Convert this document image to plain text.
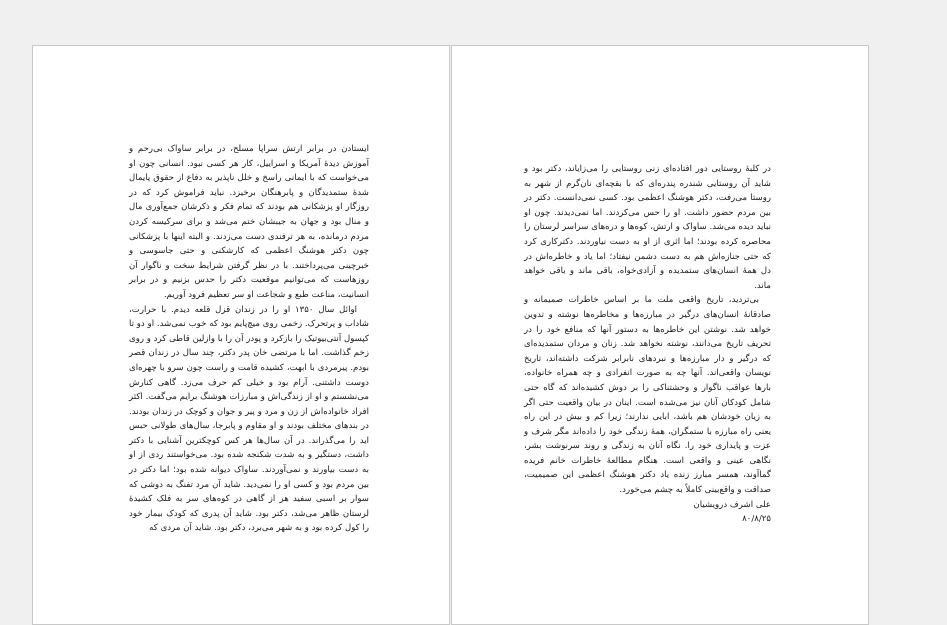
ایستادن در برابر ارتش سراپا مسلح، در برابر ساواک بی‌رحم و آموزش دیدهٔ آمریکا و اسراییل، کار هر کسی نبود. انسانی چون او می‌خواست که با ایمانی راسخ و خلل ناپذیر به دفاع از حقوق پایمال شدهٔ ستمدیدگان و پابرهنگان برخیزد. نباید فراموش کرد که در روزگار او پزشکانی هم بودند که تمام فکر و ذکرشان جمع‌آوری مال و منال بود و جهان به جیبشان ختم می‌شد و برای سرکیسه کردن مردم درمانده، به هر ترفندی دست می‌زدند. و البته اینها با پزشکانی چون دکتر هوشنگ اعظمی که کارشکنی و حتی جاسوسی و خبرچینی می‌پرداختند. با در نظر گرفتن شرایط سخت و ناگوار آن روزهاست که می‌توانیم موقعیت دکتر را حدس بزنیم و در برابر انسانیت، مناعت طبع و شجاعت او سر تعظیم فرود آوریم.

اوائل سال ۱۳۵۰ او را در زندان قزل قلعه دیدم. با حرارت، شاداب و پرتحرک. زخمی روی میچ‌پایم بود که خوب نمی‌شد. او دو تا کپسول آنتی‌بیوتیک را بازکرد و پودر آن را با وازلین قاطی کرد و روی زخم گذاشت. اما با مرتضی خان پدر دکتر، چند سال در زندان قصر بودم. پیرمردی با ابهت، کشیده قامت و راست چون سرو با چهره‌ای دوست داشتنی. آرام بود و خیلی کم حرف می‌زد. گاهی کنارش می‌نشستم و او از زندگی‌اش و مبارزات هوشنگ برایم می‌گفت. اکثر افراد خانواده‌اش از زن و مرد و پیر و جوان و کوچک در زندان بودند. در بندهای مختلف بودند و او مقاوم و پابرجا، سال‌های طولانی حبس اید را می‌گذراند. در آن سال‌ها هر کس کوچکترین آشنایی با دکتر داشت، دستگیر و به شدت شکنجه شده بود. می‌خواستند ردی از او به دست بیاورند و نمی‌آوردند. ساواک دیوانه شده بود؛ اما دکتر در بین مردم بود و کسی او را نمی‌دید. شاید آن مرد تفنگ به دوشی که سوار بر اسبی سفید هر از گاهی در کوه‌های سر به فلک کشیدهٔ لرستان ظاهر می‌شد، دکتر بود. شاید آن پدری که کودک بیمار خود را کول کرده بود و به شهر می‌برد، دکتر بود. شاید آن مردی که

در کلبهٔ روستایی دور افتاده‌ای زنی روستایی را می‌زایاند، دکتر بود و شاید آن روستایی شندره پندره‌ای که با بقچه‌ای نان‌گرم از شهر به روستا می‌رفت، دکتر هوشنگ اعظمی بود. کسی نمی‌دانست. دکتر در بین مردم حضور داشت. او را حس می‌کردند. اما نمی‌دیدند. چون او نباید دیده می‌شد. ساواک و ارتش، کوه‌ها و دره‌های سراسر لرستان را محاصره کرده بودند؛ اما اثری از او به دست نیاوردند. دکترکاری کرد که حتی جنازه‌اش هم به دست دشمن نیفتاد؛ اما یاد و خاطره‌اش در دل همهٔ انسان‌های ستمدیده و آزادی‌خواه، باقی ماند و باقی خواهد ماند.

بی‌تردید، تاریخ واقعی ملت ما بر اساس خاطرات صمیمانه و صادقانهٔ انسان‌های درگیر در مبارزه‌ها و مخاطره‌ها نوشته و تدوین خواهد شد. نوشتن این خاطره‌ها به دستور آنها که منافع خود را در تحریف تاریخ می‌دانند، نوشته نخواهد شد. زنان و مردان ستمدیده‌ای که درگیر و دار مبارزه‌ها و نبردهای نابرابر شرکت داشته‌اند، تاریخ نویسان واقعی‌اند. آنها چه به صورت انفرادی و چه همراه خانواده، بارها عواقب ناگوار و وحشتناکی را بر دوش کشیده‌اند که گاه حتی شامل کودکان آنان نیز می‌شده است. اینان در بیان واقعیت حتی اگر به زیان خودشان هم باشد، ابایی ندارند؛ زیرا کم و بیش در این راه یعنی راه مبارزه با ستمگران، همهٔ زندگی خود را داده‌اند مگر شرف و عزت و پایداری خود را. نگاه آنان به زندگی و روند سرنوشت بشر، نگاهی عینی و واقعی است. هنگام مطالعهٔ خاطرات خانم فریده گماآوند، همسر مبارز زنده یاد دکتر هوشنگ اعظمی این صمیمیت، صداقت و واقع‌بینی کاملاً به چشم می‌خورد.

علی اشرف درویشیان

۸۰/۸/۲۵
